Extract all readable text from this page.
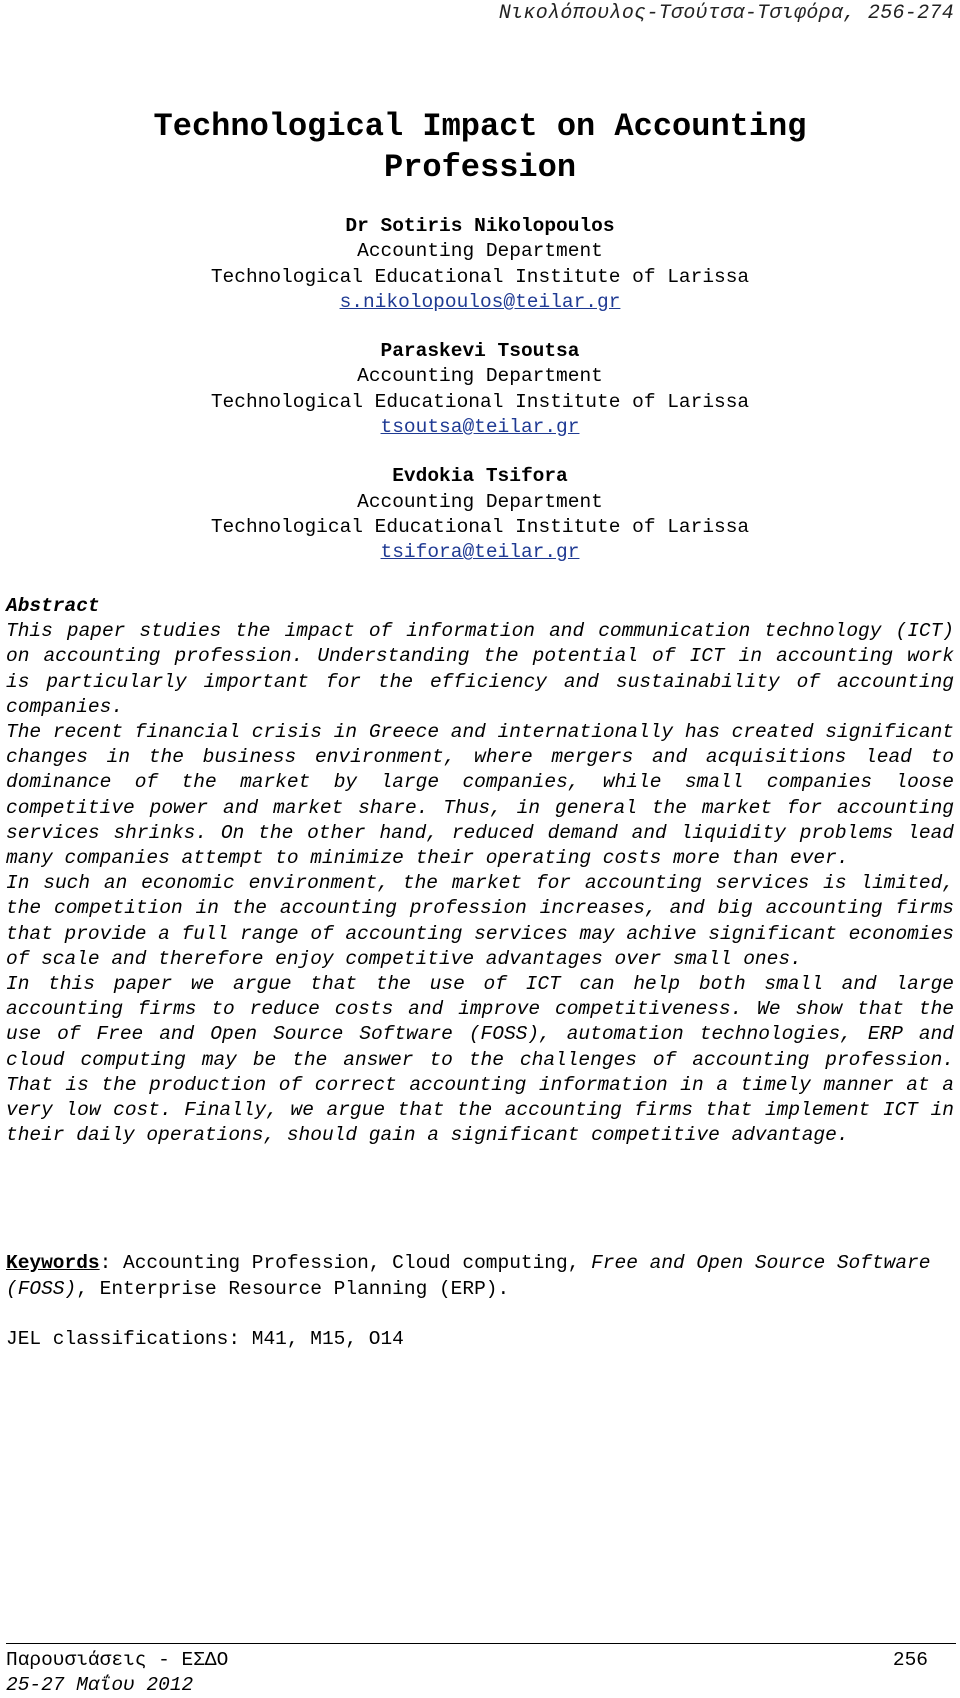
Νικολόπουλος-Τσούτσα-Τσιφόρα, 256-274
Technological Impact on Accounting
Profession
Dr Sotiris Nikolopoulos
Accounting Department
Technological Educational Institute of Larissa
s.nikolopoulos@teilar.gr
Paraskevi Tsoutsa
Accounting Department
Technological Educational Institute of Larissa
tsoutsa@teilar.gr
Evdokia Tsifora
Accounting Department
Technological Educational Institute of Larissa
tsifora@teilar.gr
Abstract

This paper studies the impact of information and communication technology (ICT) on accounting profession. Understanding the potential of ICT in accounting work is particularly important for the efficiency and sustainability of accounting companies.

The recent financial crisis in Greece and internationally has created significant changes in the business environment, where mergers and acquisitions lead to dominance of the market by large companies, while small companies loose competitive power and market share. Thus, in general the market for accounting services shrinks. On the other hand, reduced demand and liquidity problems lead many companies attempt to minimize their operating costs more than ever.

In such an economic environment, the market for accounting services is limited, the competition in the accounting profession increases, and big accounting firms that provide a full range of accounting services may achive significant economies of scale and therefore enjoy competitive advantages over small ones.

In this paper we argue that the use of ICT can help both small and large accounting firms to reduce costs and improve competitiveness. We show that the use of Free and Open Source Software (FOSS), automation technologies, ERP and cloud computing may be the answer to the challenges of accounting profession. That is the production of correct accounting information in a timely manner at a very low cost. Finally, we argue that the accounting firms that implement ICT in their daily operations, should gain a significant competitive advantage.

Keywords: Accounting Profession, Cloud computing, Free and Open Source Software (FOSS), Enterprise Resource Planning (ERP).
JEL classifications: M41, M15, O14
Παρουσιάσεις - ΕΣΔΟ
25-27 Μαΐου 2012
256
